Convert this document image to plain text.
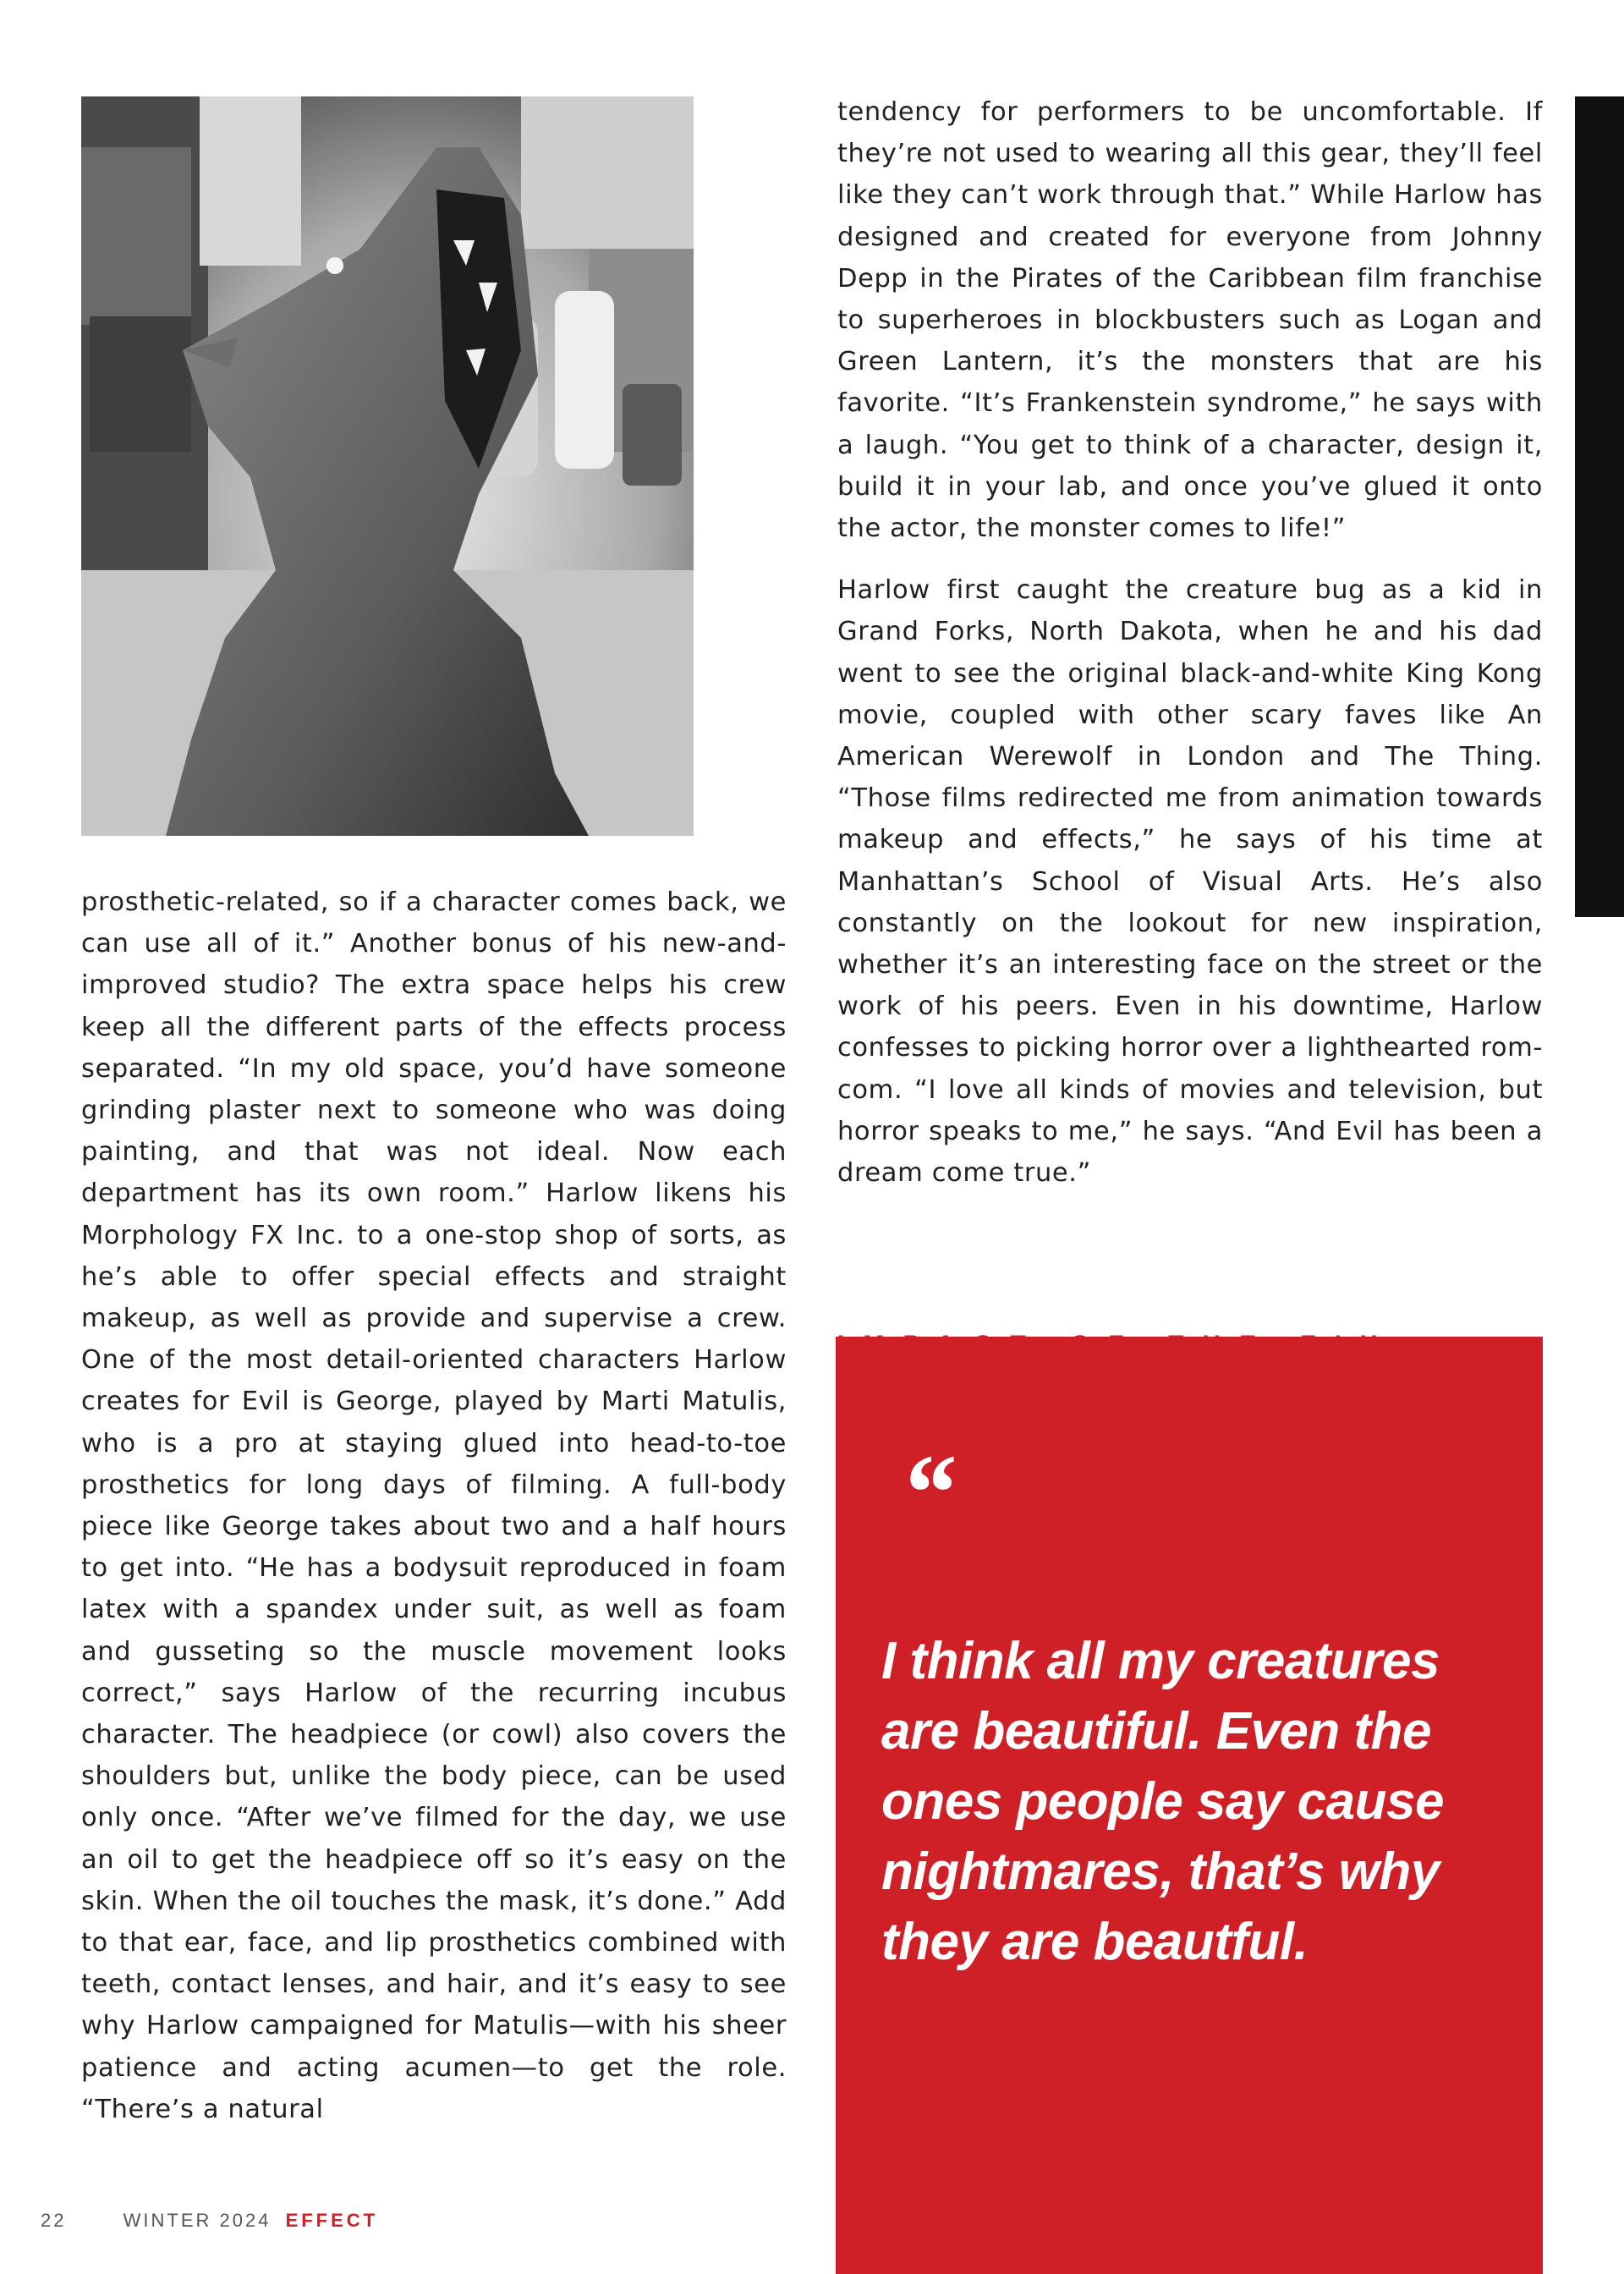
prosthetic-related, so if a character comes back, we can use all of it.” Another bonus of his new-and-improved studio? The extra space helps his crew keep all the different parts of the effects process separated. “In my old space, you’d have someone grinding plaster next to someone who was doing painting, and that was not ideal. Now each department has its own room.” Harlow likens his Morphology FX Inc. to a one-stop shop of sorts, as he’s able to offer special effects and straight makeup, as well as provide and supervise a crew. One of the most detail-oriented characters Harlow creates for Evil is George, played by Marti Matulis, who is a pro at staying glued into head-to-toe prosthetics for long days of filming. A full-body piece like George takes about two and a half hours to get into. “He has a bodysuit reproduced in foam latex with a spandex under suit, as well as foam and gusseting so the muscle movement looks correct,” says Harlow of the recurring incubus character. The headpiece (or cowl) also covers the shoulders but, unlike the body piece, can be used only once. “After we’ve filmed for the day, we use an oil to get the headpiece off so it’s easy on the skin. When the oil touches the mask, it’s done.” Add to that ear, face, and lip prosthetics combined with teeth, contact lenses, and hair, and it’s easy to see why Harlow campaigned for Matulis—with his sheer patience and acting acumen—to get the role. “There’s a natural

tendency for performers to be uncomfortable. If they’re not used to wearing all this gear, they’ll feel like they can’t work through that.” While Harlow has designed and created for everyone from Johnny Depp in the Pirates of the Caribbean film franchise to superheroes in blockbusters such as Logan and Green Lantern, it’s the monsters that are his favorite. “It’s Frankenstein syndrome,” he says with a laugh. “You get to think of a character, design it, build it in your lab, and once you’ve glued it onto the actor, the monster comes to life!”

Harlow first caught the creature bug as a kid in Grand Forks, North Dakota, when he and his dad went to see the original black-and-white King Kong movie, coupled with other scary faves like An American Werewolf in London and The Thing. “Those films redirected me from animation towards makeup and effects,” he says of his time at Manhattan’s School of Visual Arts. He’s also constantly on the lookout for new inspiration, whether it’s an interesting face on the street or the work of his peers. Even in his downtime, Harlow confesses to picking horror over a lighthearted rom-com. “I love all kinds of movies and television, but horror speaks to me,” he says. “And Evil has been a dream come true.”

“
I think all my creatures are beautiful. Even the ones people say cause nightmares, that’s why they are beautful.
22	WINTER 2024 EFFECT
